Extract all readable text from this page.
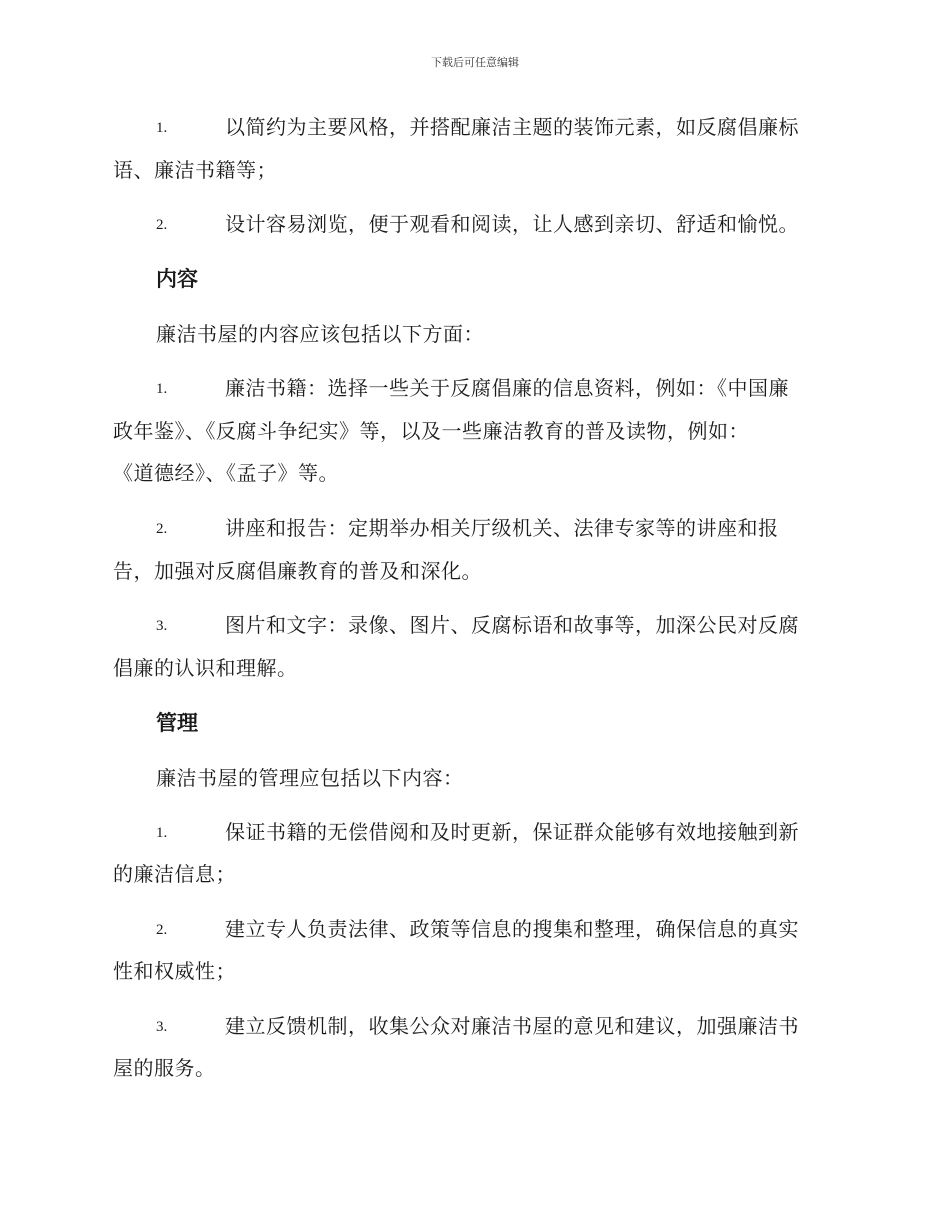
下载后可任意编辑
1.	以简约为主要风格，并搭配廉洁主题的装饰元素，如反腐倡廉标
语、廉洁书籍等；
2.	设计容易浏览，便于观看和阅读，让人感到亲切、舒适和愉悦。
内容
廉洁书屋的内容应该包括以下方面：
1.	廉洁书籍：选择一些关于反腐倡廉的信息资料，例如：《中国廉
政年鉴》、《反腐斗争纪实》等，以及一些廉洁教育的普及读物，例如：
《道德经》、《孟子》等。
2.	讲座和报告：定期举办相关厅级机关、法律专家等的讲座和报
告，加强对反腐倡廉教育的普及和深化。
3.	图片和文字：录像、图片、反腐标语和故事等，加深公民对反腐
倡廉的认识和理解。
管理
廉洁书屋的管理应包括以下内容：
1.	保证书籍的无偿借阅和及时更新，保证群众能够有效地接触到新
的廉洁信息；
2.	建立专人负责法律、政策等信息的搜集和整理，确保信息的真实
性和权威性；
3.	建立反馈机制，收集公众对廉洁书屋的意见和建议，加强廉洁书
屋的服务。
